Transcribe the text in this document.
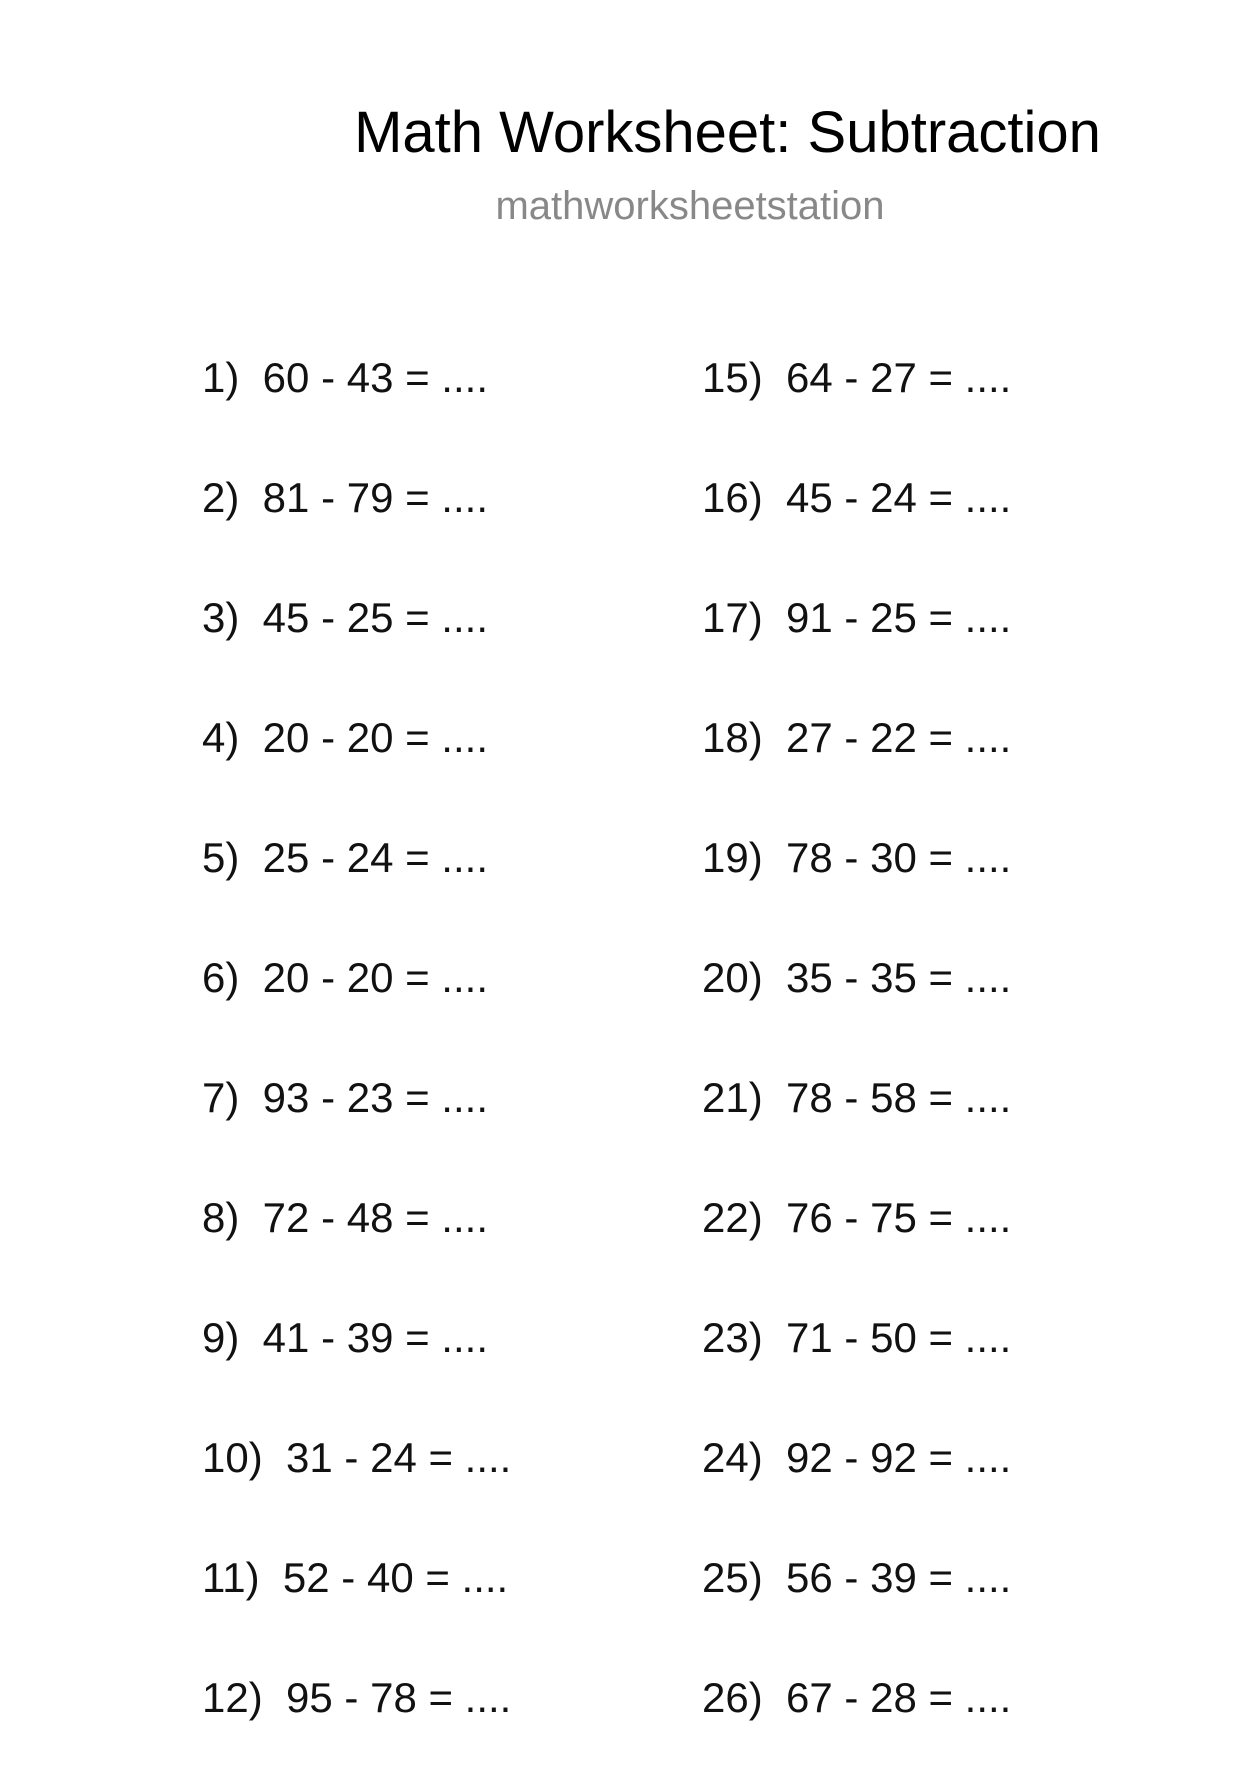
Math Worksheet: Subtraction
mathworksheetstation
1)  60 - 43 = ....
2)  81 - 79 = ....
3)  45 - 25 = ....
4)  20 - 20 = ....
5)  25 - 24 = ....
6)  20 - 20 = ....
7)  93 - 23 = ....
8)  72 - 48 = ....
9)  41 - 39 = ....
10)  31 - 24 = ....
11)  52 - 40 = ....
12)  95 - 78 = ....
15)  64 - 27 = ....
16)  45 - 24 = ....
17)  91 - 25 = ....
18)  27 - 22 = ....
19)  78 - 30 = ....
20)  35 - 35 = ....
21)  78 - 58 = ....
22)  76 - 75 = ....
23)  71 - 50 = ....
24)  92 - 92 = ....
25)  56 - 39 = ....
26)  67 - 28 = ....
